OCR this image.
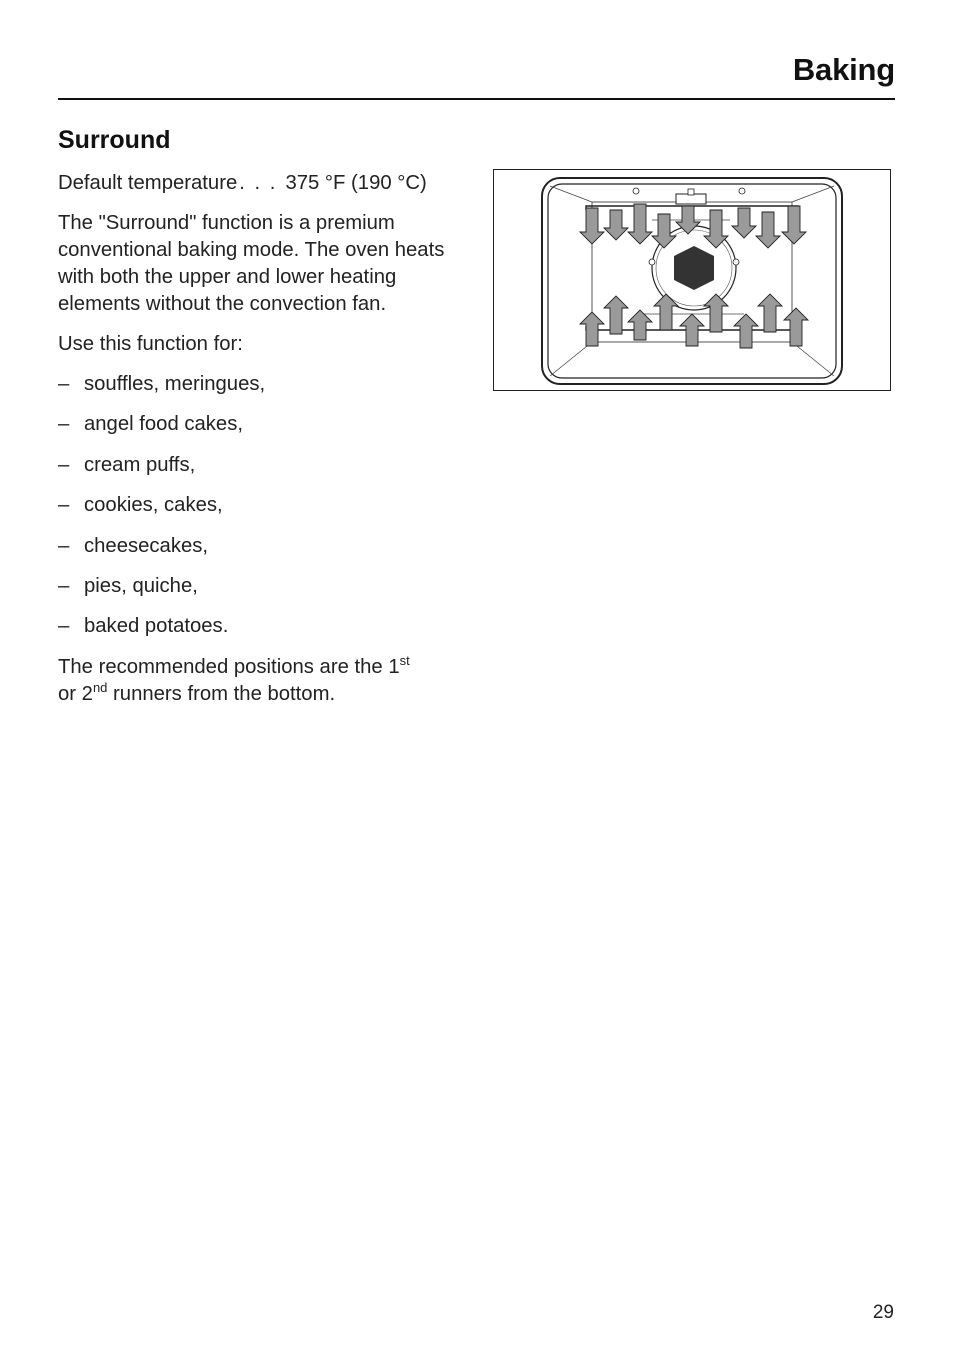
Baking
Surround

Default temperature. . . 375 °F (190 °C)

The "Surround" function is a premium conventional baking mode. The oven heats with both the upper and lower heating elements without the convection fan.

Use this function for:

– souffles, meringues,
– angel food cakes,
– cream puffs,
– cookies, cakes,
– cheesecakes,
– pies, quiche,
– baked potatoes.

The recommended positions are the 1st
or 2nd runners from the bottom.

29
